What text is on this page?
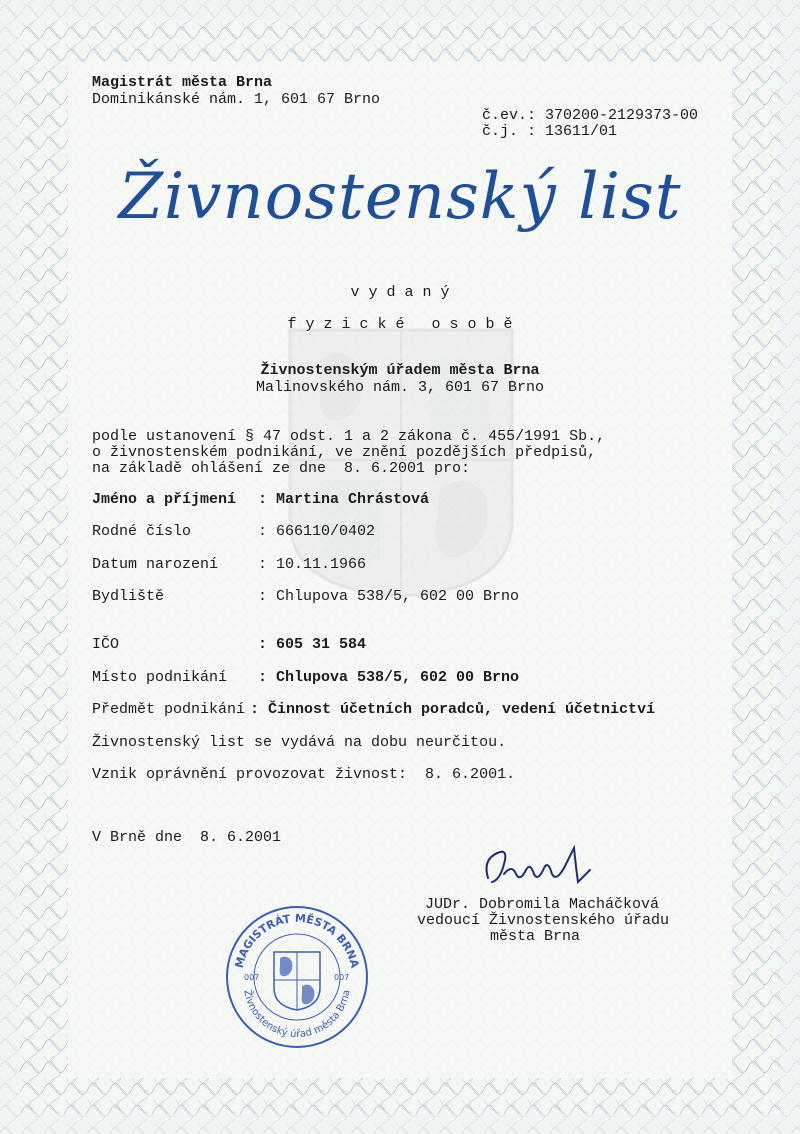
Magistrát města Brna
Dominikánské nám. 1, 601 67 Brno
č.ev.: 370200-2129373-00
č.j. : 13611/01
Živnostenský list
v y d a n ý
f y z i c k é   o s o b ě
Živnostenským úřadem města Brna
Malinovského nám. 3, 601 67 Brno
podle ustanovení § 47 odst. 1 a 2 zákona č. 455/1991 Sb.,
o živnostenském podnikání, ve znění pozdějších předpisů,
na základě ohlášení ze dne  8. 6.2001 pro:
Jméno a příjmení : Martina Chrástová
Rodné číslo	: 666110/0402
Datum narození	: 10.11.1966
Bydliště	: Chlupova 538/5, 602 00 Brno
IČO	: 605 31 584
Místo podnikání : Chlupova 538/5, 602 00 Brno
Předmět podnikání : Činnost účetních poradců, vedení účetnictví
Živnostenský list se vydává na dobu neurčitou.
Vznik oprávnění provozovat živnost:  8. 6.2001.
V Brně dne  8. 6.2001
JUDr. Dobromila Macháčková
vedoucí Živnostenského úřadu
města Brna
MAGISTRÁT MĚSTA BRNA
Živnostenský úřad města Brna
007	007
